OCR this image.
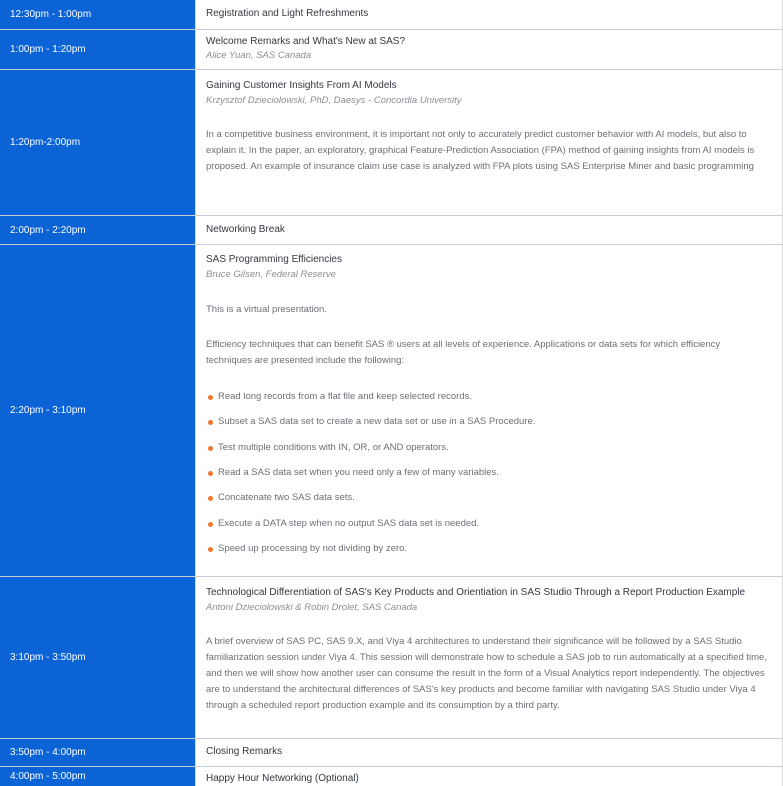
12:30pm - 1:00pm	Registration and Light Refreshments
1:00pm - 1:20pm
Welcome Remarks and What's New at SAS?
Alice Yuan, SAS Canada
1:20pm-2:00pm
Gaining Customer Insights From AI Models
Krzysztof Dzieciolowski, PhD, Daesys - Concordia University
In a competitive business environment, it is important not only to accurately predict customer behavior with AI models, but also to explain it. In the paper, an exploratory, graphical Feature-Prediction Association (FPA) method of gaining insights from AI models is proposed. An example of insurance claim use case is analyzed with FPA plots using SAS Enterprise Miner and basic programming
2:00pm - 2:20pm	Networking Break
2:20pm - 3:10pm
SAS Programming Efficiencies
Bruce Gilsen, Federal Reserve
This is a virtual presentation.
Efficiency techniques that can benefit SAS ® users at all levels of experience. Applications or data sets for which efficiency techniques are presented include the following:
Read long records from a flat file and keep selected records.
Subset a SAS data set to create a new data set or use in a SAS Procedure.
Test multiple conditions with IN, OR, or AND operators.
Read a SAS data set when you need only a few of many variables.
Concatenate two SAS data sets.
Execute a DATA step when no output SAS data set is needed.
Speed up processing by not dividing by zero.
3:10pm - 3:50pm
Technological Differentiation of SAS's Key Products and Orientiation in SAS Studio Through a Report Production Example
Antoni Dzieciolowski & Robin Drolet, SAS Canada
A brief overview of SAS PC, SAS 9.X, and Viya 4 architectures to understand their significance will be followed by a SAS Studio familiarization session under Viya 4. This session will demonstrate how to schedule a SAS job to run automatically at a specified time, and then we will show how another user can consume the result in the form of a Visual Analytics report independently. The objectives are to understand the architectural differences of SAS's key products and become familiar with navigating SAS Studio under Viya 4 through a scheduled report production example and its consumption by a third party.
3:50pm - 4:00pm	Closing Remarks
4:00pm - 5:00pm	Happy Hour Networking (Optional)
